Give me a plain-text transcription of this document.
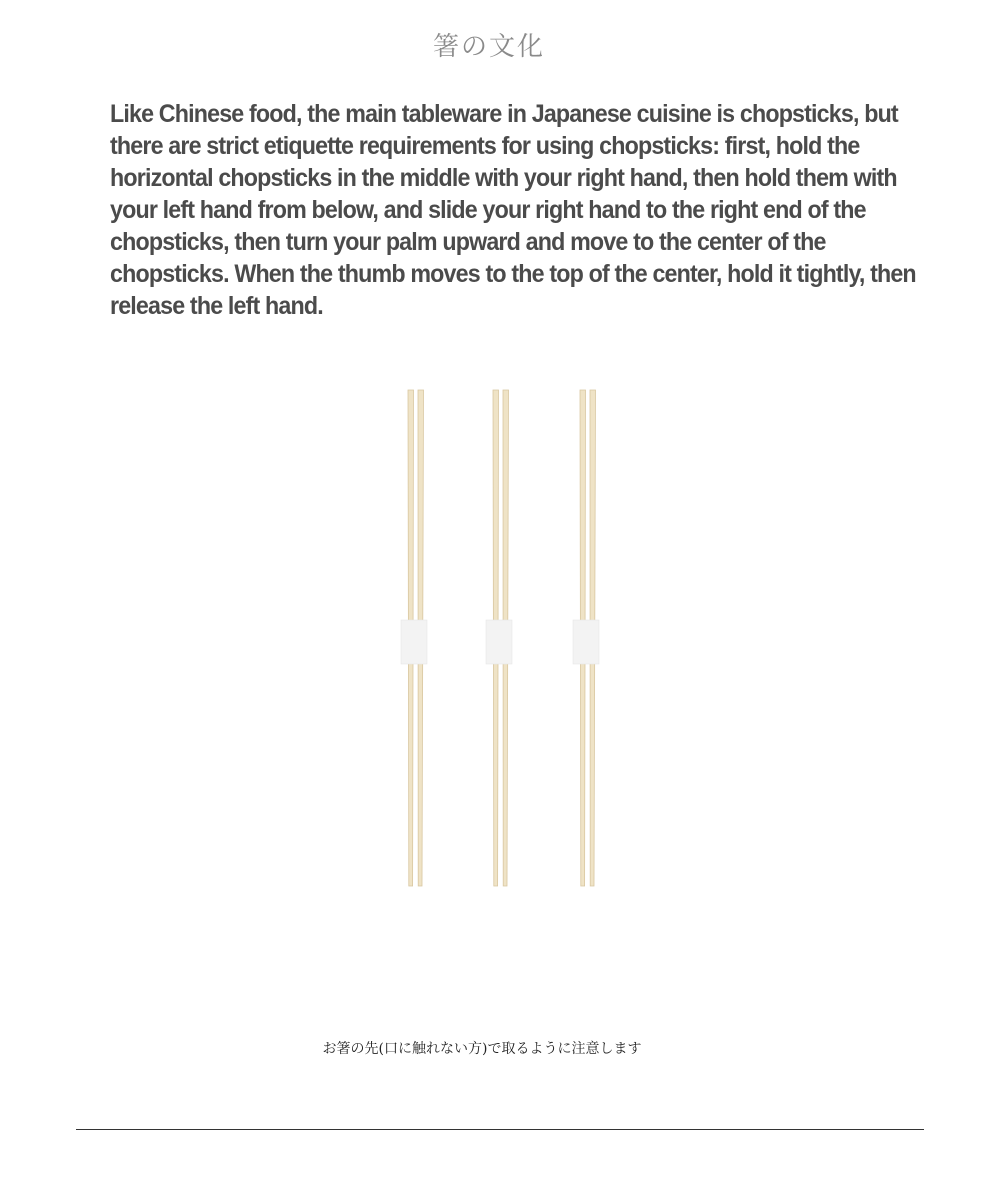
箸の文化
Like Chinese food, the main tableware in Japanese cuisine is chopsticks, but there are strict etiquette requirements for using chopsticks: first, hold the horizontal chopsticks in the middle with your right hand, then hold them with your left hand from below, and slide your right hand to the right end of the chopsticks, then turn your palm upward and move to the center of the chopsticks. When the thumb moves to the top of the center, hold it tightly, then release the left hand.
お箸の先(口に触れない方)で取るように注意します
